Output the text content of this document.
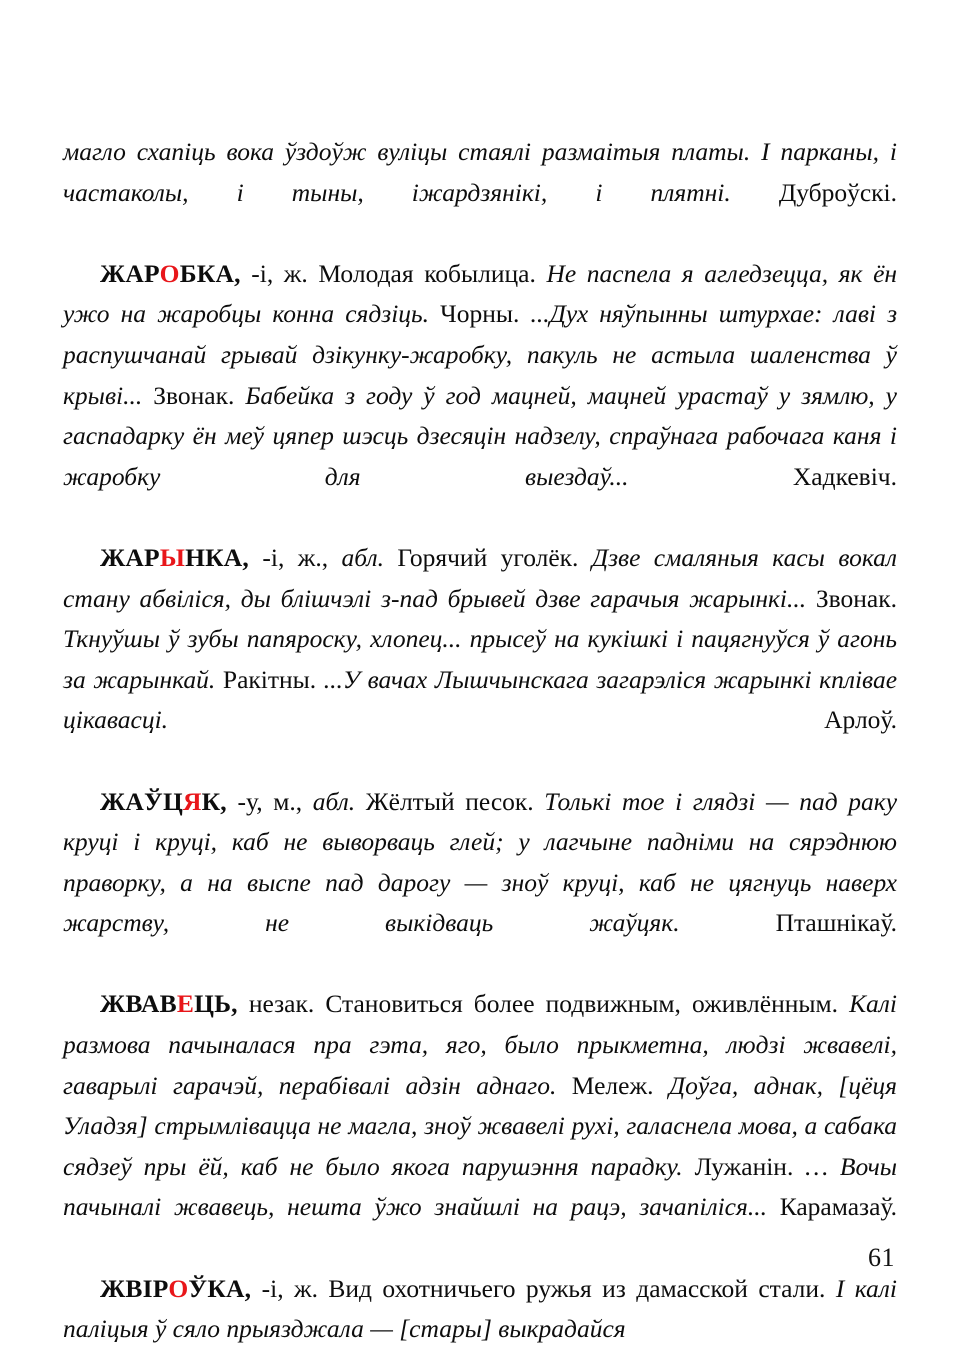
магло схапіць вока ўздоўж вуліцы стаялі размаітыя платы. І парканы, і частаколы, і тыны, іжардзянікі, і плятні. Дуброўскі.

ЖАРОБКА, -і, ж. Молодая кобылица. Не паспела я агледзецца, як ён ужо на жаробцы конна сядзіць. Чорны. ...Дух няўпынны штурхае: лаві з распушчанай грывай дзікунку-жаробку, пакуль не астыла шаленства ў крыві... Звонак. Бабейка з году ў год мацней, мацней урастаў у зямлю, у гаспадарку ён меў цяпер шэсць дзесяцін надзелу, спраўнага рабочага каня і жаробку для выездаў...	Хадкевіч.

ЖАРЫНКА, -і, ж., абл. Горячий уголёк. Дзве смаляныя касы вокал стану абвіліся, ды блішчэлі з-пад брывей дзве гарачыя жарынкі... Звонак. Ткнуўшы ў зубы папяроску, хлопец... прысеў на кукішкі і пацягнуўся ў агонь за жарынкай. Ракітны. ...У вачах Лышчынскага загарэліся жарынкі кплівае цікавасці.	Арлоў.

ЖАЎЦЯК, -у, м., абл. Жёлтый песок. Толькі тое і глядзі — пад раку круці і круці, каб не выворваць глей; у лагчыне падніми на сярэднюю праворку, а на выспе пад дарогу — зноў круці, каб не цягнуць наверх жарству, не выкідваць жаўцяк.	Пташнікаў.

ЖВАВЕЦЬ, незак. Становиться более подвижным, оживлённым. Калі размова пачыналася пра гэта, яго, было прыкметна, людзі жвавелі, гаварылі гарачэй, перабівалі адзін аднаго. Мележ. Доўга, аднак, [цёця Уладзя] стрымлівацца не магла, зноў жвавелі рухі, галаснела мова, а сабака сядзеў пры ёй, каб не было якога парушэння парадку. Лужанін. … Вочы пачыналі жвавець, нешта ўжо знайшлі на рацэ, зачапіліся... Карамазаў.

ЖВІРОЎКА, -і, ж. Вид охотничьего ружья из дамасской стали. І калі паліцыя ў сяло прыязджала — [стары] выкрадайся

61
